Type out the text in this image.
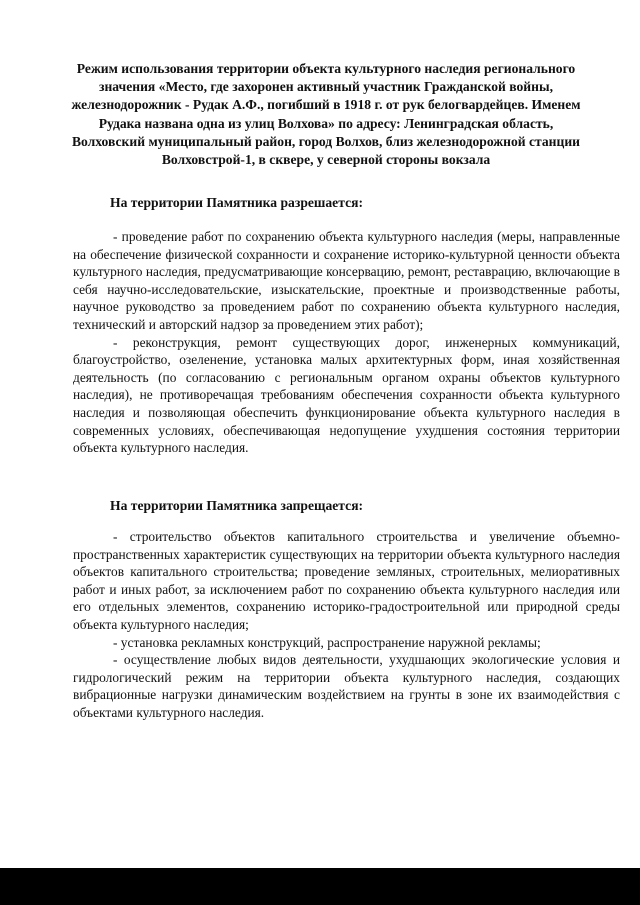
Режим использования территории объекта культурного наследия регионального значения «Место, где захоронен активный участник Гражданской войны, железнодорожник - Рудак А.Ф., погибший в 1918 г. от рук белогвардейцев. Именем Рудака названа одна из улиц Волхова» по адресу: Ленинградская область, Волховский муниципальный район, город Волхов, близ железнодорожной станции Волховстрой-1, в сквере, у северной стороны вокзала
На территории Памятника разрешается:

- проведение работ по сохранению объекта культурного наследия (меры, направленные на обеспечение физической сохранности и сохранение историко-культурной ценности объекта культурного наследия, предусматривающие консервацию, ремонт, реставрацию, включающие в себя научно-исследовательские, изыскательские, проектные и производственные работы, научное руководство за проведением работ по сохранению объекта культурного наследия, технический и авторский надзор за проведением этих работ);

- реконструкция, ремонт существующих дорог, инженерных коммуникаций, благоустройство, озеленение, установка малых архитектурных форм, иная хозяйственная деятельность (по согласованию с региональным органом охраны объектов культурного наследия), не противоречащая требованиям обеспечения сохранности объекта культурного наследия и позволяющая обеспечить функционирование объекта культурного наследия в современных условиях, обеспечивающая недопущение ухудшения состояния территории объекта культурного наследия.

На территории Памятника запрещается:

- строительство объектов капитального строительства и увеличение объемно-пространственных характеристик существующих на территории объекта культурного наследия объектов капитального строительства; проведение земляных, строительных, мелиоративных работ и иных работ, за исключением работ по сохранению объекта культурного наследия или его отдельных элементов, сохранению историко-градостроительной или природной среды объекта культурного наследия;

- установка рекламных конструкций, распространение наружной рекламы;

- осуществление любых видов деятельности, ухудшающих экологические условия и гидрологический режим на территории объекта культурного наследия, создающих вибрационные нагрузки динамическим воздействием на грунты в зоне их взаимодействия с объектами культурного наследия.
